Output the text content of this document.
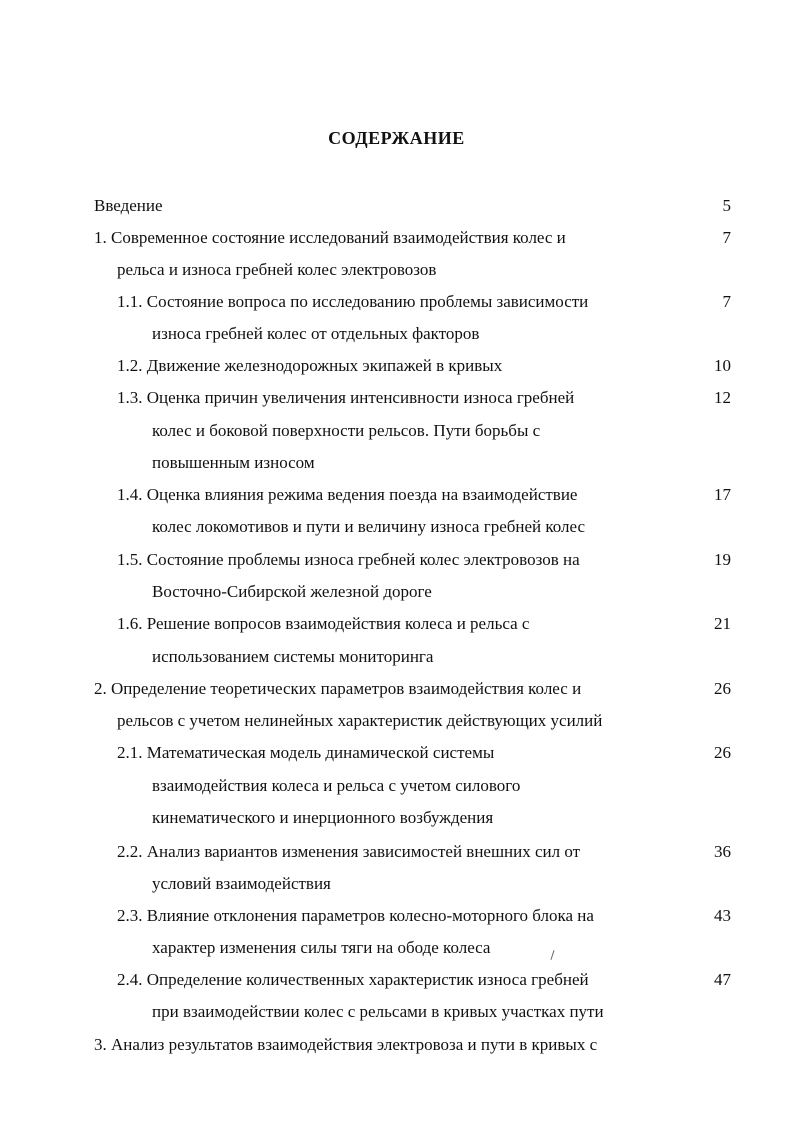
СОДЕРЖАНИЕ
Введение	5
1. Современное состояние исследований взаимодействия колес и
рельса и износа гребней колес электровозов
7
1.1. Состояние вопроса по исследованию проблемы зависимости
износа гребней колес от отдельных факторов
7
1.2. Движение железнодорожных экипажей в кривых	10
1.3. Оценка причин увеличения интенсивности износа гребней
колес и боковой поверхности рельсов. Пути борьбы с
повышенным износом
12
1.4. Оценка влияния режима ведения поезда на взаимодействие
колес локомотивов и пути и величину износа гребней колес
17
1.5. Состояние проблемы износа гребней колес электровозов на
Восточно-Сибирской железной дороге
19
1.6. Решение вопросов взаимодействия колеса и рельса с
использованием системы мониторинга
21
2. Определение теоретических параметров взаимодействия колес и
рельсов с учетом нелинейных характеристик действующих усилий
26
2.1. Математическая модель динамической системы
взаимодействия колеса и рельса с учетом силового
кинематического и инерционного возбуждения
26
2.2. Анализ вариантов изменения зависимостей внешних сил от
условий взаимодействия
36
2.3. Влияние отклонения параметров колесно-моторного блока на
характер изменения силы тяги на ободе колеса
43
2.4. Определение количественных характеристик износа гребней
при взаимодействии колес с рельсами в кривых участках пути
47
3. Анализ результатов взаимодействия электровоза и пути в кривых с
